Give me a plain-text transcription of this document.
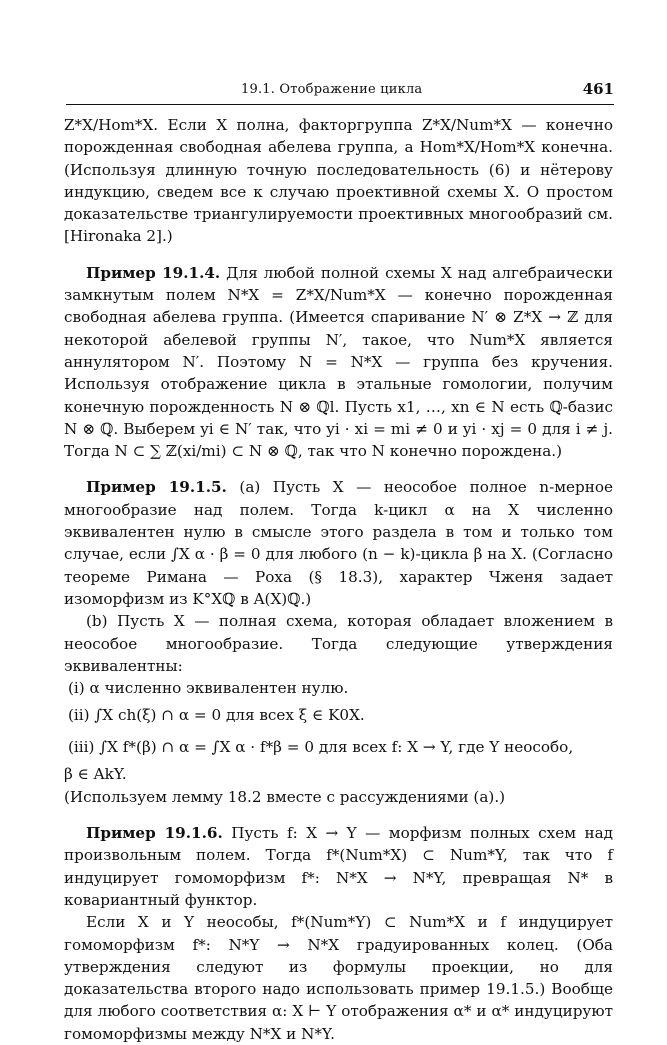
19.1. Отображение цикла	461

Z*X/Hom*X. Если X полна, факторгруппа Z*X/Num*X — конечно порожденная свободная абелева группа, а Hom*X/Hom*X конечна. (Используя длинную точную последовательность (6) и нётерову индукцию, сведем все к случаю проективной схемы X. О простом доказательстве триангулируемости проективных многообразий см. [Hironaka 2].)

Пример 19.1.4. Для любой полной схемы X над алгебраически замкнутым полем N*X = Z*X/Num*X — конечно порожденная свободная абелева группа. (Имеется спаривание N′ ⊗ Z*X → ℤ для некоторой абелевой группы N′, такое, что Num*X является аннулятором N′. Поэтому N = N*X — группа без кручения. Используя отображение цикла в этальные гомологии, получим конечную порожденность N ⊗ ℚl. Пусть x1, …, xn ∈ N есть ℚ-базис N ⊗ ℚ. Выберем yi ∈ N′ так, что yi · xi = mi ≠ 0 и yi · xj = 0 для i ≠ j. Тогда N ⊂ ∑ ℤ(xi/mi) ⊂ N ⊗ ℚ, так что N конечно порождена.)

Пример 19.1.5. (a) Пусть X — неособое полное n-мерное многообразие над полем. Тогда k-цикл α на X численно эквивалентен нулю в смысле этого раздела в том и только том случае, если ∫X α · β = 0 для любого (n − k)-цикла β на X. (Согласно теореме Римана — Роха (§ 18.3), характер Чженя задает изоморфизм из K°Xℚ в A(X)ℚ.)

(b) Пусть X — полная схема, которая обладает вложением в неособое многообразие. Тогда следующие утверждения эквивалентны:

(i) α численно эквивалентен нулю.

(ii) ∫X ch(ξ) ∩ α = 0 для всех ξ ∈ K0X.

(iii) ∫X f*(β) ∩ α = ∫X α · f*β = 0 для всех f: X → Y, где Y неособо,

β ∈ AkY.

(Используем лемму 18.2 вместе с рассуждениями (a).)

Пример 19.1.6. Пусть f: X → Y — морфизм полных схем над произвольным полем. Тогда f*(Num*X) ⊂ Num*Y, так что f индуцирует гомоморфизм f*: N*X → N*Y, превращая N* в ковариантный функтор.

Если X и Y неособы, f*(Num*Y) ⊂ Num*X и f индуцирует гомоморфизм f*: N*Y → N*X градуированных колец. (Оба утверждения следуют из формулы проекции, но для доказательства второго надо использовать пример 19.1.5.) Вообще для любого соответствия α: X ⊢ Y отображения α* и α* индуцируют гомоморфизмы между N*X и N*Y.
